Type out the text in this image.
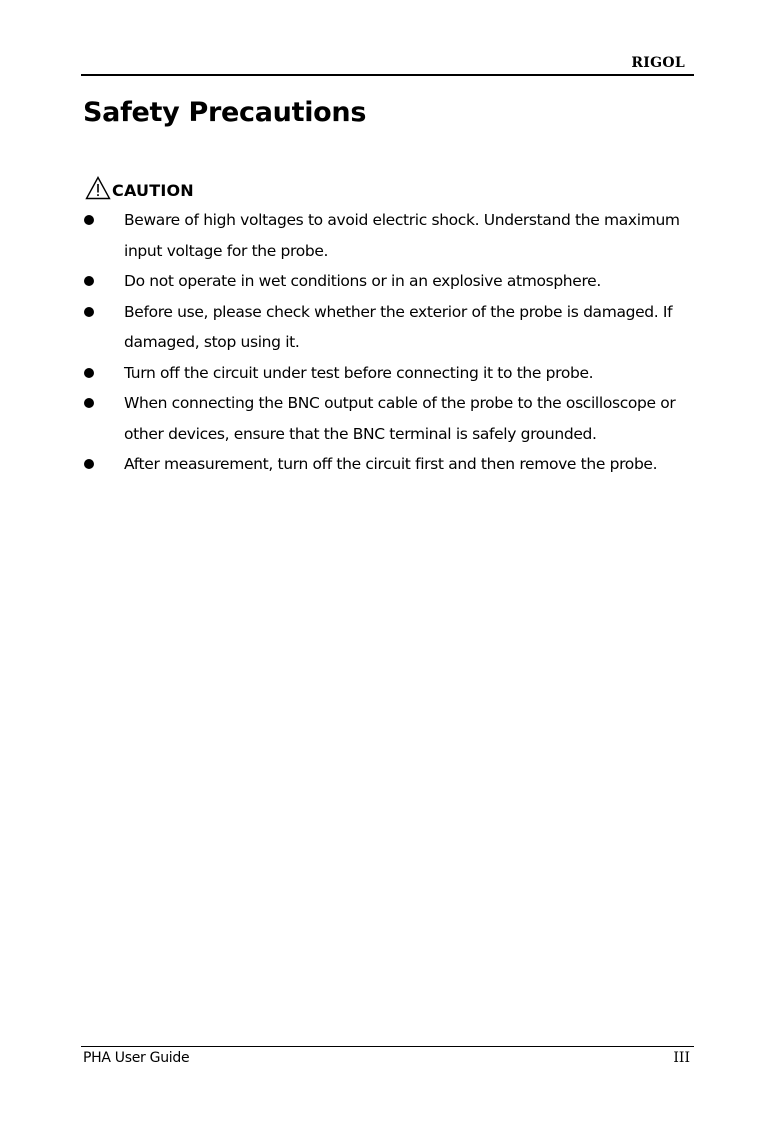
RIGOL
Safety Precautions
CAUTION
Beware of high voltages to avoid electric shock. Understand the maximum input voltage for the probe.
Do not operate in wet conditions or in an explosive atmosphere.
Before use, please check whether the exterior of the probe is damaged. If damaged, stop using it.
Turn off the circuit under test before connecting it to the probe.
When connecting the BNC output cable of the probe to the oscilloscope or other devices, ensure that the BNC terminal is safely grounded.
After measurement, turn off the circuit first and then remove the probe.
PHA User Guide	III
